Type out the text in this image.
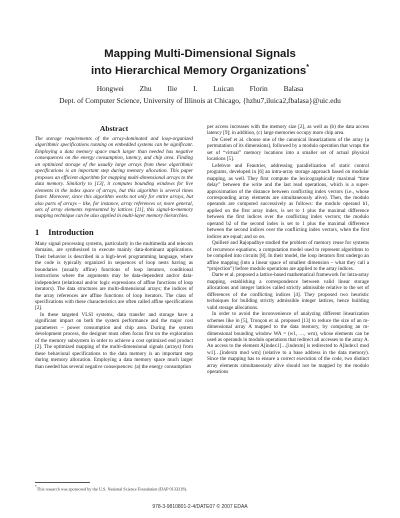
Mapping Multi-Dimensional Signals
into Hierarchical Memory Organizations*
Hongwei Zhu Ilie I. Luican Florin Balasa
Dept. of Computer Science, University of Illinois at Chicago, {hzhu7,iluica2,fbalasa}@uic.edu
Abstract

The storage requirements of the array-dominated and loop-organized algorithmic specifications running on embedded systems can be significant. Employing a data memory space much larger than needed has negative consequences on the energy consumption, latency, and chip area. Finding an optimized storage of the usually large arrays from these algorithmic specifications is an important step during memory allocation. This paper proposes an efficient algorithm for mapping multi-dimensional arrays to the data memory. Similarly to [13], it computes bounding windows for live elements in the index space of arrays, but this algorithm is several times faster. Moreover, since this algorithm works not only for entire arrays, but also parts of arrays – like, for instance, array references or, more general, sets of array elements represented by lattices [11], this signal-to-memory mapping technique can be also applied in multi-layer memory hierarchies.

1 Introduction

Many signal processing systems, particularly in the multimedia and telecom domains, are synthesized to execute mainly data-dominant applications. Their behavior is described in a high-level programming language, where the code is typically organized in sequences of loop nests having as boundaries (usually affine) functions of loop iterators, conditional instructions where the arguments may be data-dependent and/or data-independent (relational and/or logic expressions of affine functions of loop iterators). The data structures are multi-dimensional arrays; the indices of the array references are affine functions of loop iterators. The class of specifications with these characteristics are often called affine specifications [2].

In these targeted VLSI systems, data transfer and storage have a significant impact on both the system performance and the major cost parameters – power consumption and chip area. During the system development process, the designer must often focus first on the exploration of the memory subsystem in order to achieve a cost optimized end product [2]. The optimized mapping of the multi-dimensional signals (arrays) from these behavioral specifications to the data memory is an important step during memory allocation. Employing a data memory space much larger than needed has several negative consequences: (a) the energy consumption

per access increases with the memory size [2], as well as (b) the data access latency [9]; in addition, (c) large memories occupy more chip area.

De Greef et al. choose one of the canonical linearizations of the array (a permutation of its dimensions), followed by a modulo operation that wraps the set of “virtual” memory locations into a smaller set of actual physical locations [5].

Lefebvre and Feautrier, addressing parallelization of static control programs, developed in [6] an intra-array storage approach based on modular mapping, as well. They first compute the lexicographically maximal “time delay” between the write and the last read operations, which is a super-approximation of the distance between conflicting index vectors (i.e., whose corresponding array elements are simultaneously alive). Then, the modulo operands are computed successively as follows: the modulo operand b1, applied on the first array index, is set to 1 plus the maximal difference between the first indices over the conflicting index vectors; the modulo operand b2 of the second index is set to 1 plus the maximal difference between the second indices over the conflicting index vectors, when the first indices are equal; and so on.

Quilleré and Rajopadhye studied the problem of memory reuse for systems of recurrence equations, a computation model used to represent algorithms to be compiled into circuits [8]. In their model, the loop iterators first undergo an affine mapping (into a linear space of smallest dimension – what they call a “projection”) before modulo operations are applied to the array indices.

Darte et al. proposed a lattice-based mathematical framework for intra-array mapping, establishing a correspondence between valid linear storage allocations and integer lattices called strictly admissible relative to the set of differences of the conflicting indices [4]. They proposed two heuristic techniques for building strictly admissible integer lattices, hence building valid storage allocations.

In order to avoid the inconvenience of analyzing different linearization schemes like in [5], Tronçon et al. proposed [13] to reduce the size of an m-dimensional array A mapped to the data memory, by computing an m-dimensional bounding window WA = (w1, …, wm), whose elements can be used as operands in modulo operations that redirect all accesses to the array A. An access to the element A[index1]…[indexm] is redirected to A[index1 mod w1]…[indexm mod wm] (relative to a base address in the data memory). Since the mapping has to ensure a correct execution of the code, two distinct array elements simultaneously alive should not be mapped by the modulo operations

*This research was sponsored by the U.S. National Science Foundation (DAP 0133318).
978-3-9810801-2-4/DATE07 © 2007 EDAA
